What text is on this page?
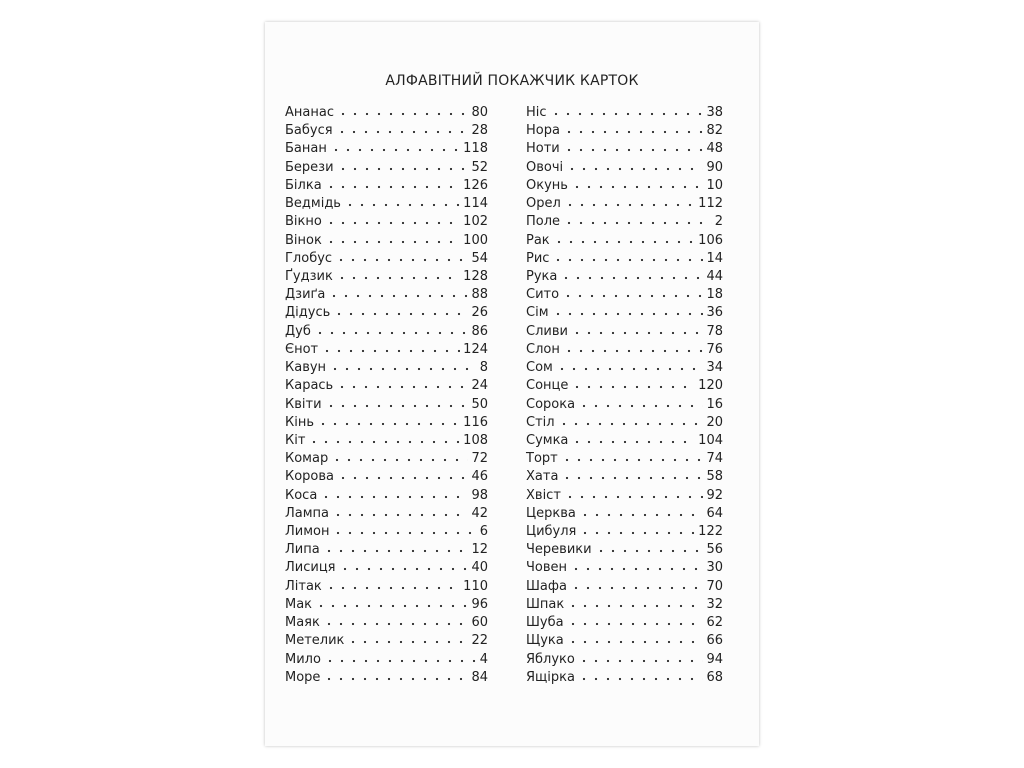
АЛФАВІТНИЙ ПОКАЖЧИК КАРТОК
Ананас	80
Бабуся	28
Банан	118
Берези	52
Білка	126
Ведмідь	114
Вікно	102
Вінок	100
Глобус	54
Ґудзик	128
Дзиґа	88
Дідусь	26
Дуб	86
Єнот	124
Кавун	8
Карась	24
Квіти	50
Кінь	116
Кіт	108
Комар	72
Корова	46
Коса	98
Лампа	42
Лимон	6
Липа	12
Лисиця	40
Літак	110
Мак	96
Маяк	60
Метелик	22
Мило	4
Море	84
Ніс	38
Нора	82
Ноти	48
Овочі	90
Окунь	10
Орел	112
Поле	2
Рак	106
Рис	14
Рука	44
Сито	18
Сім	36
Сливи	78
Слон	76
Сом	34
Сонце	120
Сорока	16
Стіл	20
Сумка	104
Торт	74
Хата	58
Хвіст	92
Церква	64
Цибуля	122
Черевики	56
Човен	30
Шафа	70
Шпак	32
Шуба	62
Щука	66
Яблуко	94
Ящірка	68
